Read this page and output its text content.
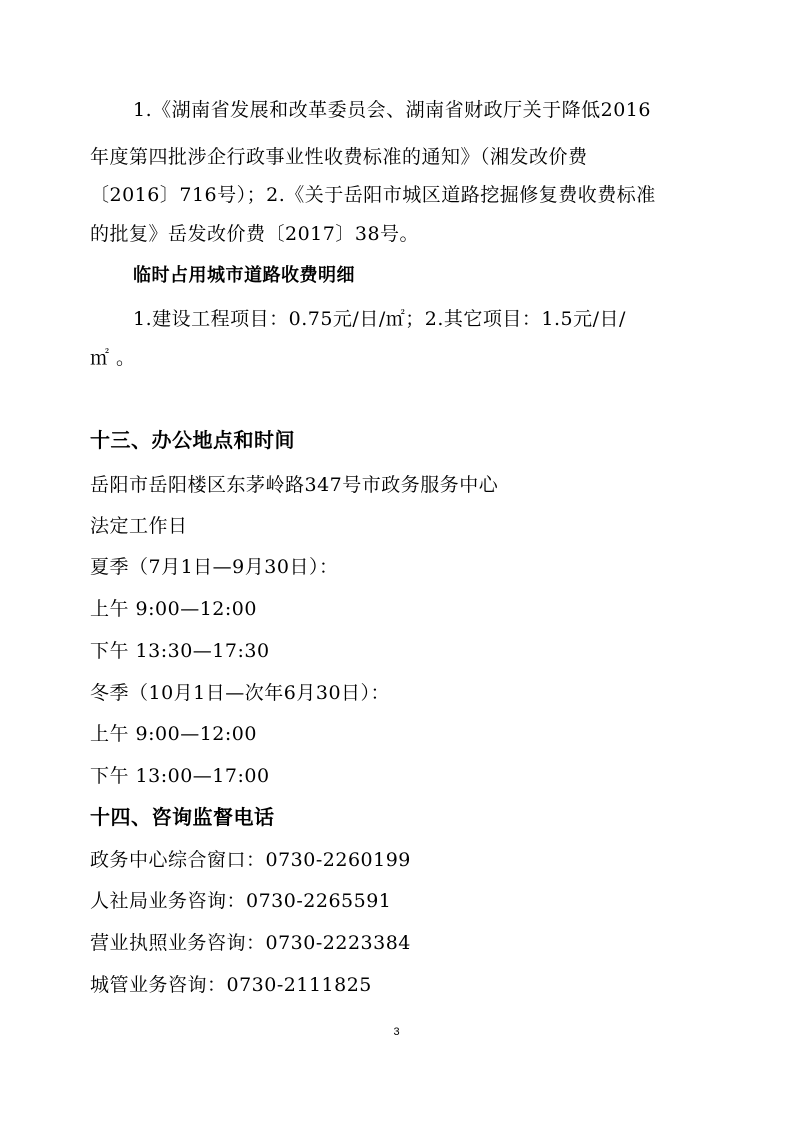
1.《湖南省发展和改革委员会、湖南省财政厅关于降低2016
年度第四批涉企行政事业性收费标准的通知》（湘发改价费
〔2016〕716号）；2.《关于岳阳市城区道路挖掘修复费收费标准
的批复》岳发改价费〔2017〕38号。
临时占用城市道路收费明细
1.建设工程项目：0.75元/日/㎡；2.其它项目：1.5元/日/
㎡ 。
十三、办公地点和时间
岳阳市岳阳楼区东茅岭路347号市政务服务中心
法定工作日
夏季（7月1日—9月30日）：
上午 9:00—12:00
下午 13:30—17:30
冬季（10月1日—次年6月30日）：
上午 9:00—12:00
下午 13:00—17:00
十四、咨询监督电话
政务中心综合窗口：0730-2260199
人社局业务咨询：0730-2265591
营业执照业务咨询：0730-2223384
城管业务咨询：0730-2111825
3
